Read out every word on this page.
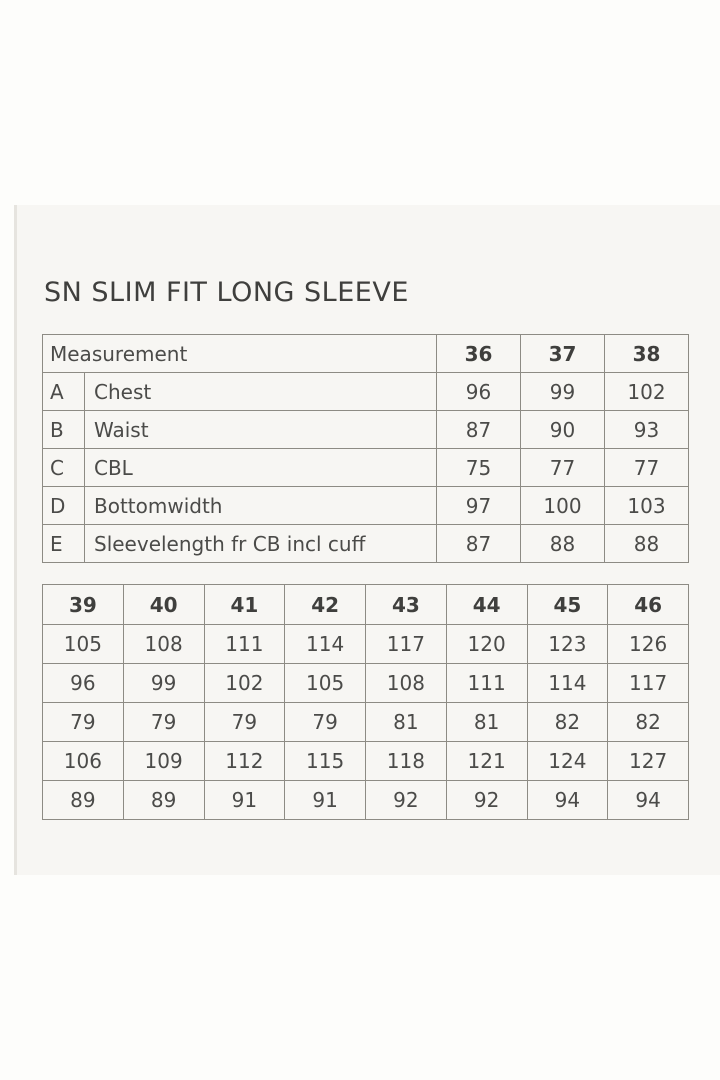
SN SLIM FIT LONG SLEEVE
Measurement		36	37	38
A	Chest	96	99	102
B	Waist	87	90	93
C	CBL	75	77	77
D	Bottomwidth	97	100	103
E	Sleevelength fr CB incl cuff	87	88	88
39	40	41	42	43	44	45	46
105	108	111	114	117	120	123	126
96	99	102	105	108	111	114	117
79	79	79	79	81	81	82	82
106	109	112	115	118	121	124	127
89	89	91	91	92	92	94	94
